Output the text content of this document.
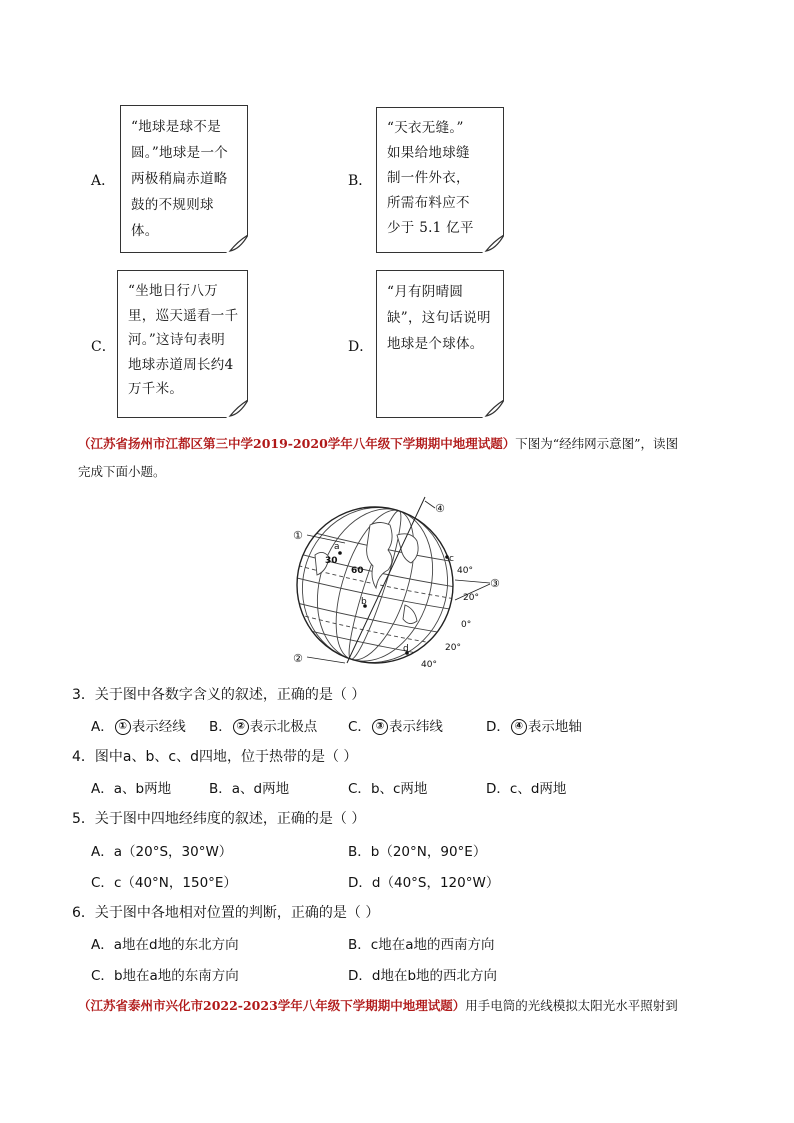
A．
“地球是球不是
圆。”地球是一个
两极稍扁赤道略
鼓的不规则球体。
B．
“天衣无缝。”
如果给地球缝
制一件外衣，
所需布料应不
少于 5.1 亿平
C．
“坐地日行八万
里，巡天遥看一千
河。”这诗句表明
地球赤道周长约4
万千米。
D．
“月有阴晴圆
缺”，这句话说明
地球是个球体。
（江苏省扬州市江都区第三中学2019-2020学年八年级下学期期中地理试题）下图为“经纬网示意图”，读图
完成下面小题。
①
②
③
④
a
b
c
d
30
60	40°
20°
0°
20°
40°
3．关于图中各数字含义的叙述，正确的是（ ）
A． ① 表示经线 B． ② 表示北极点 C． ③ 表示纬线	D． ④ 表示地轴
4．图中a、b、c、d四地，位于热带的是（ ）
A．a、b两地	B．a、d两地	C．b、c两地	D．c、d两地
5．关于图中四地经纬度的叙述，正确的是（ ）
A．a（20°S，30°W）	B．b（20°N，90°E）
C．c（40°N，150°E）	D．d（40°S，120°W）
6．关于图中各地相对位置的判断，正确的是（ ）
A．a地在d地的东北方向	B．c地在a地的西南方向
C．b地在a地的东南方向	D．d地在b地的西北方向
（江苏省泰州市兴化市2022-2023学年八年级下学期期中地理试题）用手电筒的光线模拟太阳光水平照射到
